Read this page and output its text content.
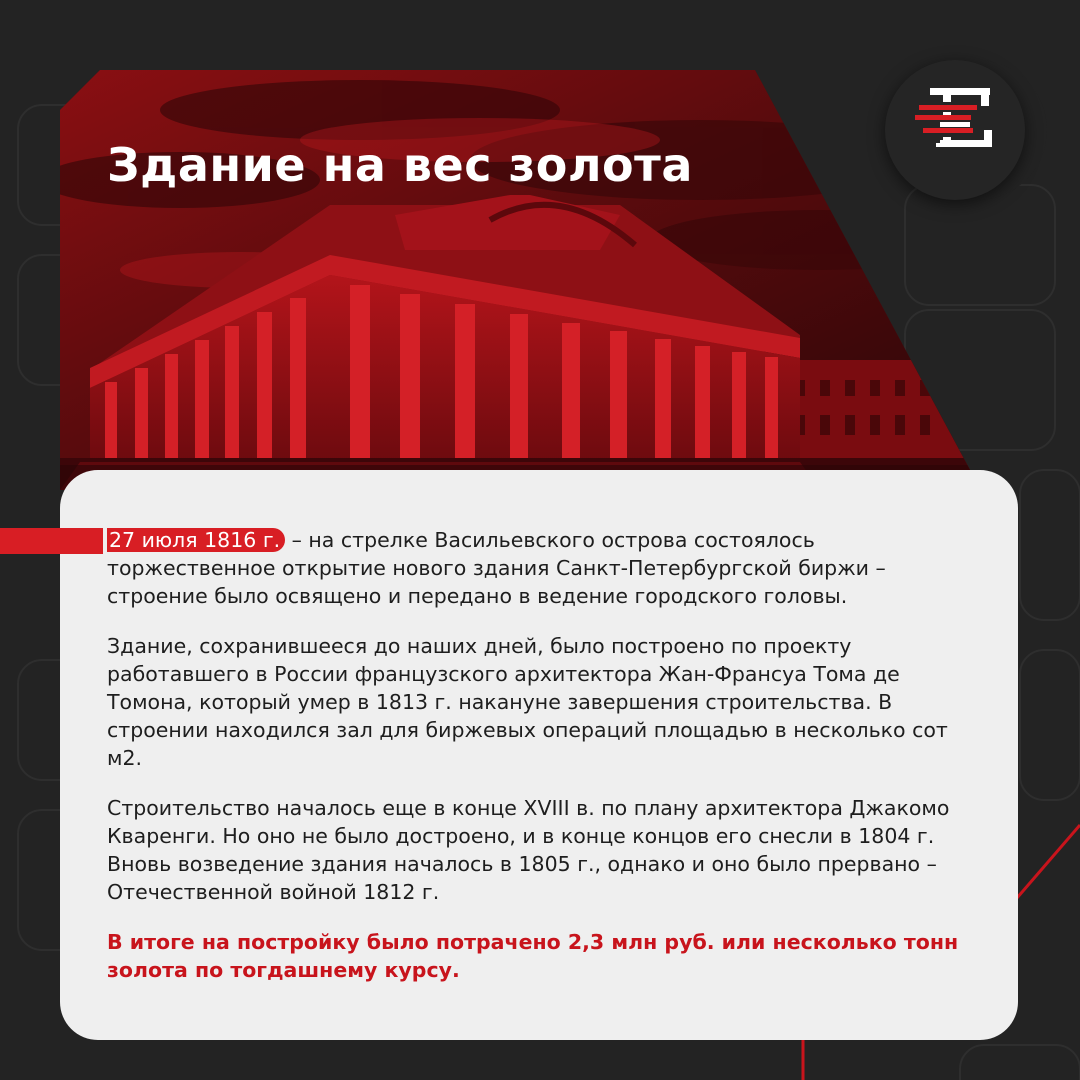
Здание на вес золота

27 июля 1816 г. – на стрелке Васильевского острова состоялось торжественное открытие нового здания Санкт-Петербургской биржи – строение было освящено и передано в ведение городского головы.

Здание, сохранившееся до наших дней, было построено по проекту работавшего в России французского архитектора Жан-Франсуа Тома де Томона, который умер в 1813 г. накануне завершения строительства. В строении находился зал для биржевых операций площадью в несколько сот м2.

Строительство началось еще в конце XVIII в. по плану архитектора Джакомо Кваренги. Но оно не было достроено, и в конце концов его снесли в 1804 г. Вновь возведение здания началось в 1805 г., однако и оно было прервано – Отечественной войной 1812 г.

В итоге на постройку было потрачено 2,3 млн руб. или несколько тонн золота по тогдашнему курсу.
